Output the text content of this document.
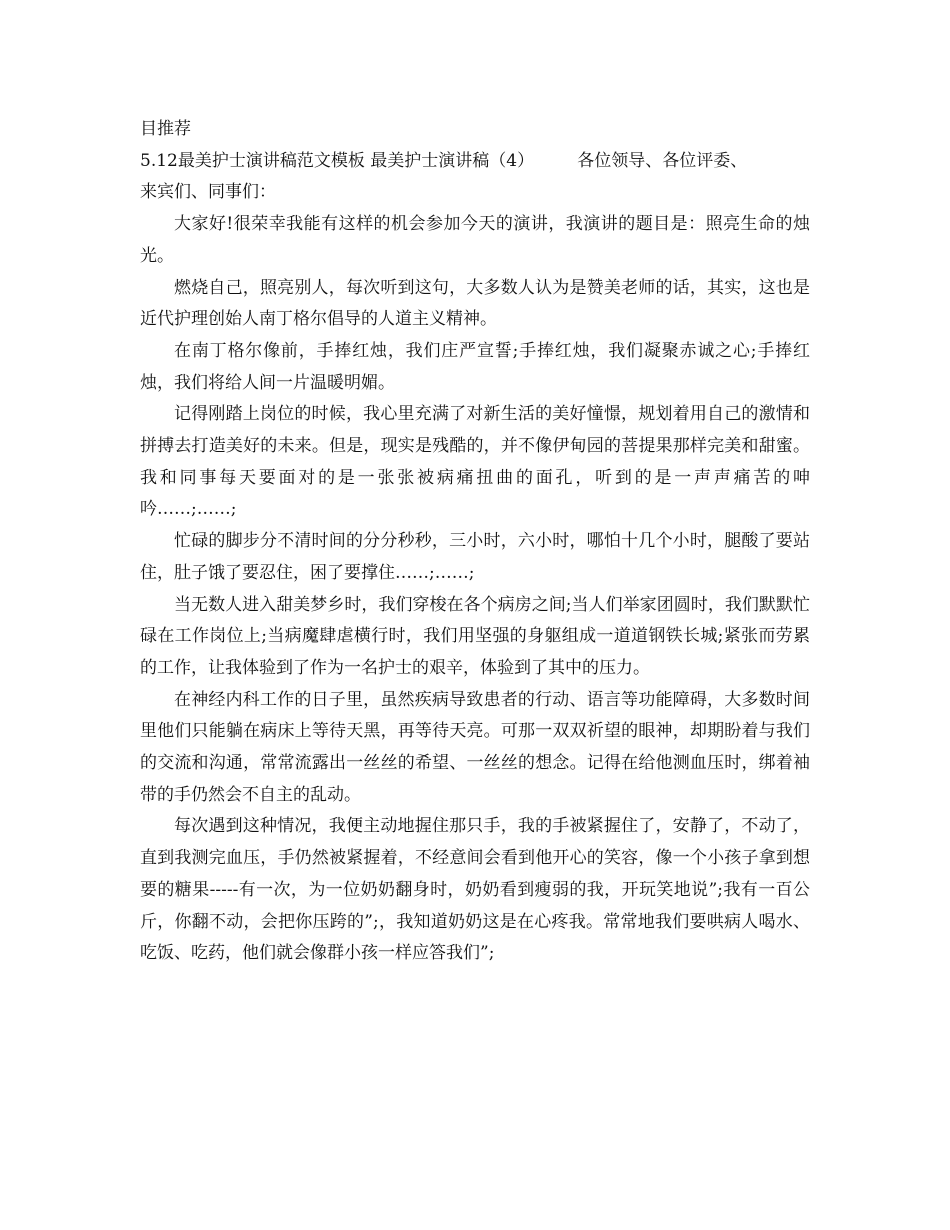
目推荐

5.12最美护士演讲稿范文模板 最美护士演讲稿（4）        各位领导、各位评委、

来宾们、同事们：

大家好!很荣幸我能有这样的机会参加今天的演讲，我演讲的题目是：照亮生命的烛光。

燃烧自己，照亮别人，每次听到这句，大多数人认为是赞美老师的话，其实，这也是近代护理创始人南丁格尔倡导的人道主义精神。

在南丁格尔像前，手捧红烛，我们庄严宣誓;手捧红烛，我们凝聚赤诚之心;手捧红烛，我们将给人间一片温暖明媚。

记得刚踏上岗位的时候，我心里充满了对新生活的美好憧憬，规划着用自己的激情和拼搏去打造美好的未来。但是，现实是残酷的，并不像伊甸园的菩提果那样完美和甜蜜。我和同事每天要面对的是一张张被病痛扭曲的面孔，听到的是一声声痛苦的呻吟……;……;

忙碌的脚步分不清时间的分分秒秒，三小时，六小时，哪怕十几个小时，腿酸了要站住，肚子饿了要忍住，困了要撑住……;……;

当无数人进入甜美梦乡时，我们穿梭在各个病房之间;当人们举家团圆时，我们默默忙碌在工作岗位上;当病魔肆虐横行时，我们用坚强的身躯组成一道道钢铁长城;紧张而劳累的工作，让我体验到了作为一名护士的艰辛，体验到了其中的压力。

在神经内科工作的日子里，虽然疾病导致患者的行动、语言等功能障碍，大多数时间里他们只能躺在病床上等待天黑，再等待天亮。可那一双双祈望的眼神，却期盼着与我们的交流和沟通，常常流露出一丝丝的希望、一丝丝的想念。记得在给他测血压时，绑着袖带的手仍然会不自主的乱动。

每次遇到这种情况，我便主动地握住那只手，我的手被紧握住了，安静了，不动了，直到我测完血压，手仍然被紧握着，不经意间会看到他开心的笑容，像一个小孩子拿到想要的糖果-----有一次，为一位奶奶翻身时，奶奶看到瘦弱的我，开玩笑地说”;我有一百公斤，你翻不动，会把你压跨的”;，我知道奶奶这是在心疼我。常常地我们要哄病人喝水、吃饭、吃药，他们就会像群小孩一样应答我们”;
